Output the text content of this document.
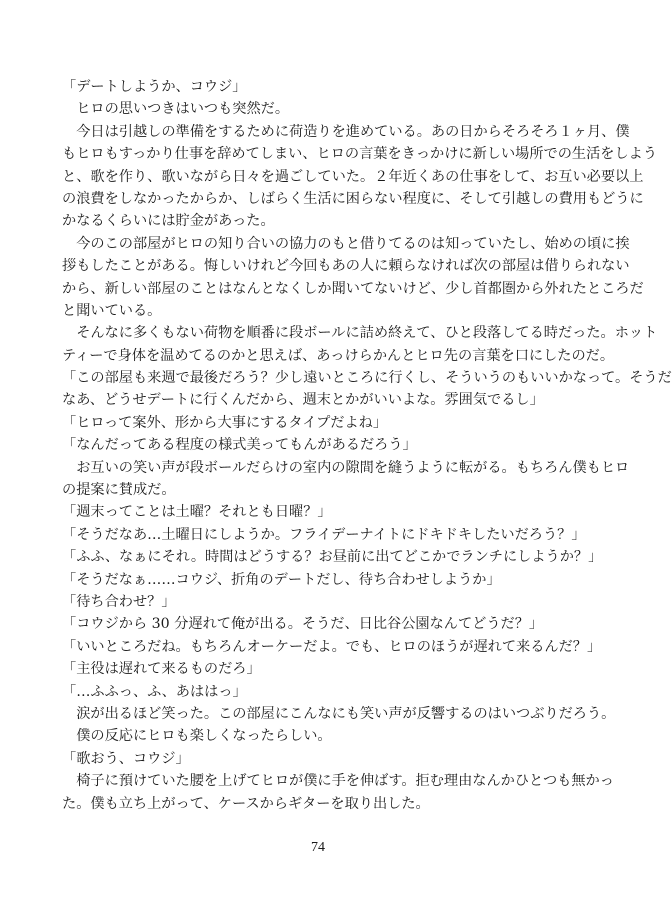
「デートしようか、コウジ」
　ヒロの思いつきはいつも突然だ。
　今日は引越しの準備をするために荷造りを進めている。あの日からそろそろ１ヶ月、僕
もヒロもすっかり仕事を辞めてしまい、ヒロの言葉をきっかけに新しい場所での生活をしよう
と、歌を作り、歌いながら日々を過ごしていた。２年近くあの仕事をして、お互い必要以上
の浪費をしなかったからか、しばらく生活に困らない程度に、そして引越しの費用もどうに
かなるくらいには貯金があった。
　今のこの部屋がヒロの知り合いの協力のもと借りてるのは知っていたし、始めの頃に挨
拶もしたことがある。悔しいけれど今回もあの人に頼らなければ次の部屋は借りられない
から、新しい部屋のことはなんとなくしか聞いてないけど、少し首都圏から外れたところだ
と聞いている。
　そんなに多くもない荷物を順番に段ボールに詰め終えて、ひと段落してる時だった。ホット
ティーで身体を温めてるのかと思えば、あっけらかんとヒロ先の言葉を口にしたのだ。
「この部屋も来週で最後だろう？少し遠いところに行くし、そういうのもいいかなって。そうだ
なあ、どうせデートに行くんだから、週末とかがいいよな。雰囲気でるし」
「ヒロって案外、形から大事にするタイプだよね」
「なんだってある程度の様式美ってもんがあるだろう」
　お互いの笑い声が段ボールだらけの室内の隙間を縫うように転がる。もちろん僕もヒロ
の提案に賛成だ。
「週末ってことは土曜？それとも日曜？」
「そうだなあ…土曜日にしようか。フライデーナイトにドキドキしたいだろう？」
「ふふ、なぁにそれ。時間はどうする？お昼前に出てどこかでランチにしようか？」
「そうだなぁ……コウジ、折角のデートだし、待ち合わせしようか」
「待ち合わせ？」
「コウジから 30 分遅れて俺が出る。そうだ、日比谷公園なんてどうだ？」
「いいところだね。もちろんオーケーだよ。でも、ヒロのほうが遅れて来るんだ？」
「主役は遅れて来るものだろ」
「…ふふっ、ふ、あははっ」
　涙が出るほど笑った。この部屋にこんなにも笑い声が反響するのはいつぶりだろう。
　僕の反応にヒロも楽しくなったらしい。
「歌おう、コウジ」
　椅子に預けていた腰を上げてヒロが僕に手を伸ばす。拒む理由なんかひとつも無かっ
た。僕も立ち上がって、ケースからギターを取り出した。
74
